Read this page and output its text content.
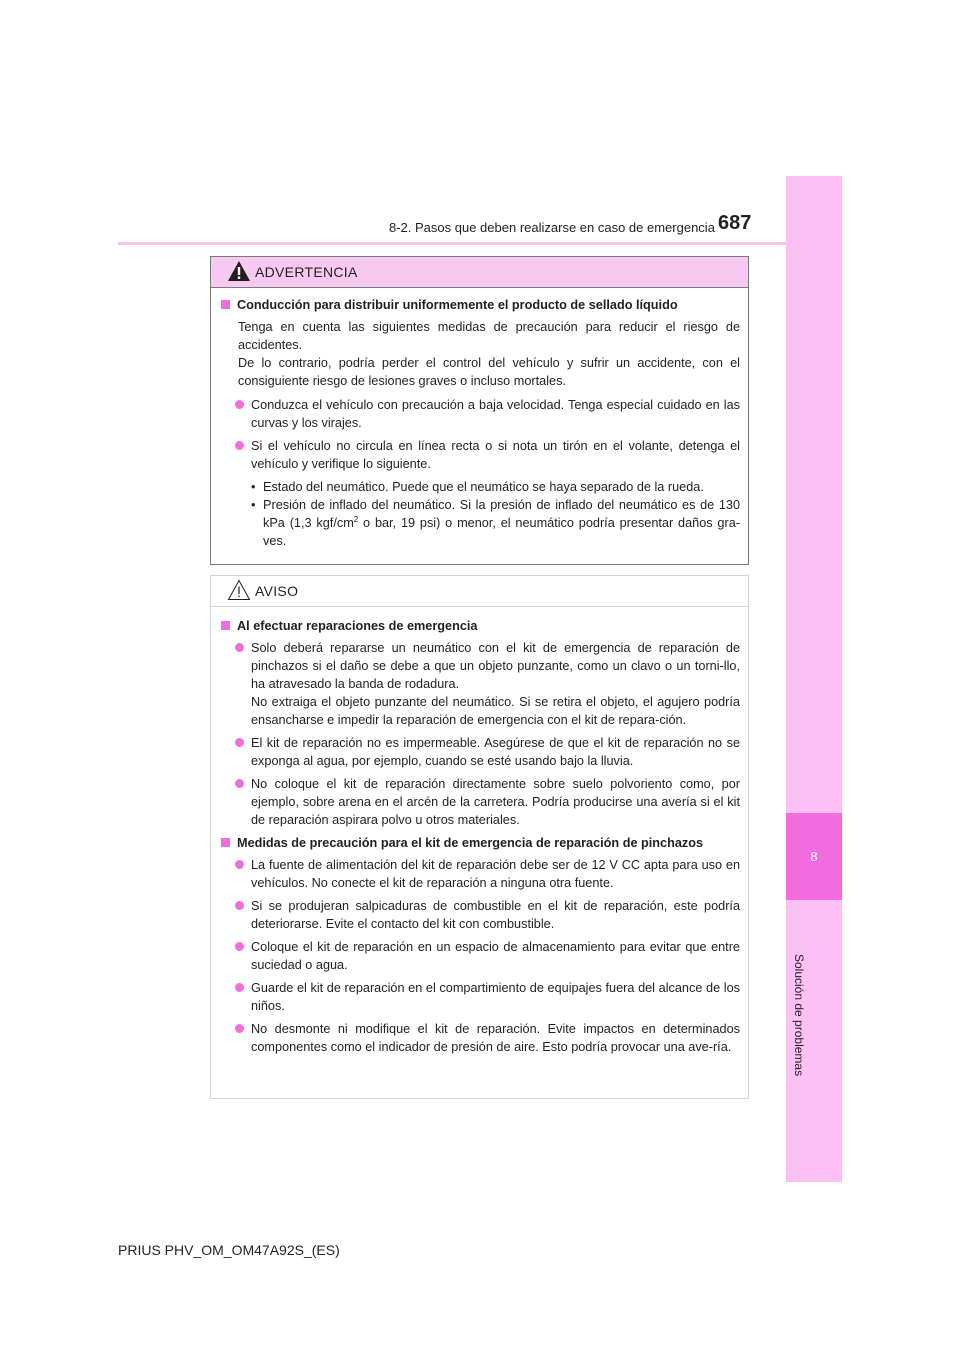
8
Solución de problemas
8-2. Pasos que deben realizarse en caso de emergencia 687
ADVERTENCIA
Conducción para distribuir uniformemente el producto de sellado líquido
Tenga en cuenta las siguientes medidas de precaución para reducir el riesgo de accidentes.
De lo contrario, podría perder el control del vehículo y sufrir un accidente, con el consiguiente riesgo de lesiones graves o incluso mortales.
Conduzca el vehículo con precaución a baja velocidad. Tenga especial cuidado en las curvas y los virajes.
Si el vehículo no circula en línea recta o si nota un tirón en el volante, detenga el vehículo y verifique lo siguiente.
• Estado del neumático. Puede que el neumático se haya separado de la rueda.
• Presión de inflado del neumático. Si la presión de inflado del neumático es de 130 kPa (1,3 kgf/$cm^2$ o bar, 19 psi) o menor, el neumático podría presentar daños gra-ves.
AVISO
Al efectuar reparaciones de emergencia
Solo deberá repararse un neumático con el kit de emergencia de reparación de pinchazos si el daño se debe a que un objeto punzante, como un clavo o un torni-llo, ha atravesado la banda de rodadura.
No extraiga el objeto punzante del neumático. Si se retira el objeto, el agujero podría ensancharse e impedir la reparación de emergencia con el kit de repara-ción.
El kit de reparación no es impermeable. Asegúrese de que el kit de reparación no se exponga al agua, por ejemplo, cuando se esté usando bajo la lluvia.
No coloque el kit de reparación directamente sobre suelo polvoriento como, por ejemplo, sobre arena en el arcén de la carretera. Podría producirse una avería si el kit de reparación aspirara polvo u otros materiales.
Medidas de precaución para el kit de emergencia de reparación de pinchazos
La fuente de alimentación del kit de reparación debe ser de 12 V CC apta para uso en vehículos. No conecte el kit de reparación a ninguna otra fuente.
Si se produjeran salpicaduras de combustible en el kit de reparación, este podría deteriorarse. Evite el contacto del kit con combustible.
Coloque el kit de reparación en un espacio de almacenamiento para evitar que entre suciedad o agua.
Guarde el kit de reparación en el compartimiento de equipajes fuera del alcance de los niños.
No desmonte ni modifique el kit de reparación. Evite impactos en determinados componentes como el indicador de presión de aire. Esto podría provocar una ave-ría.
PRIUS PHV_OM_OM47A92S_(ES)
